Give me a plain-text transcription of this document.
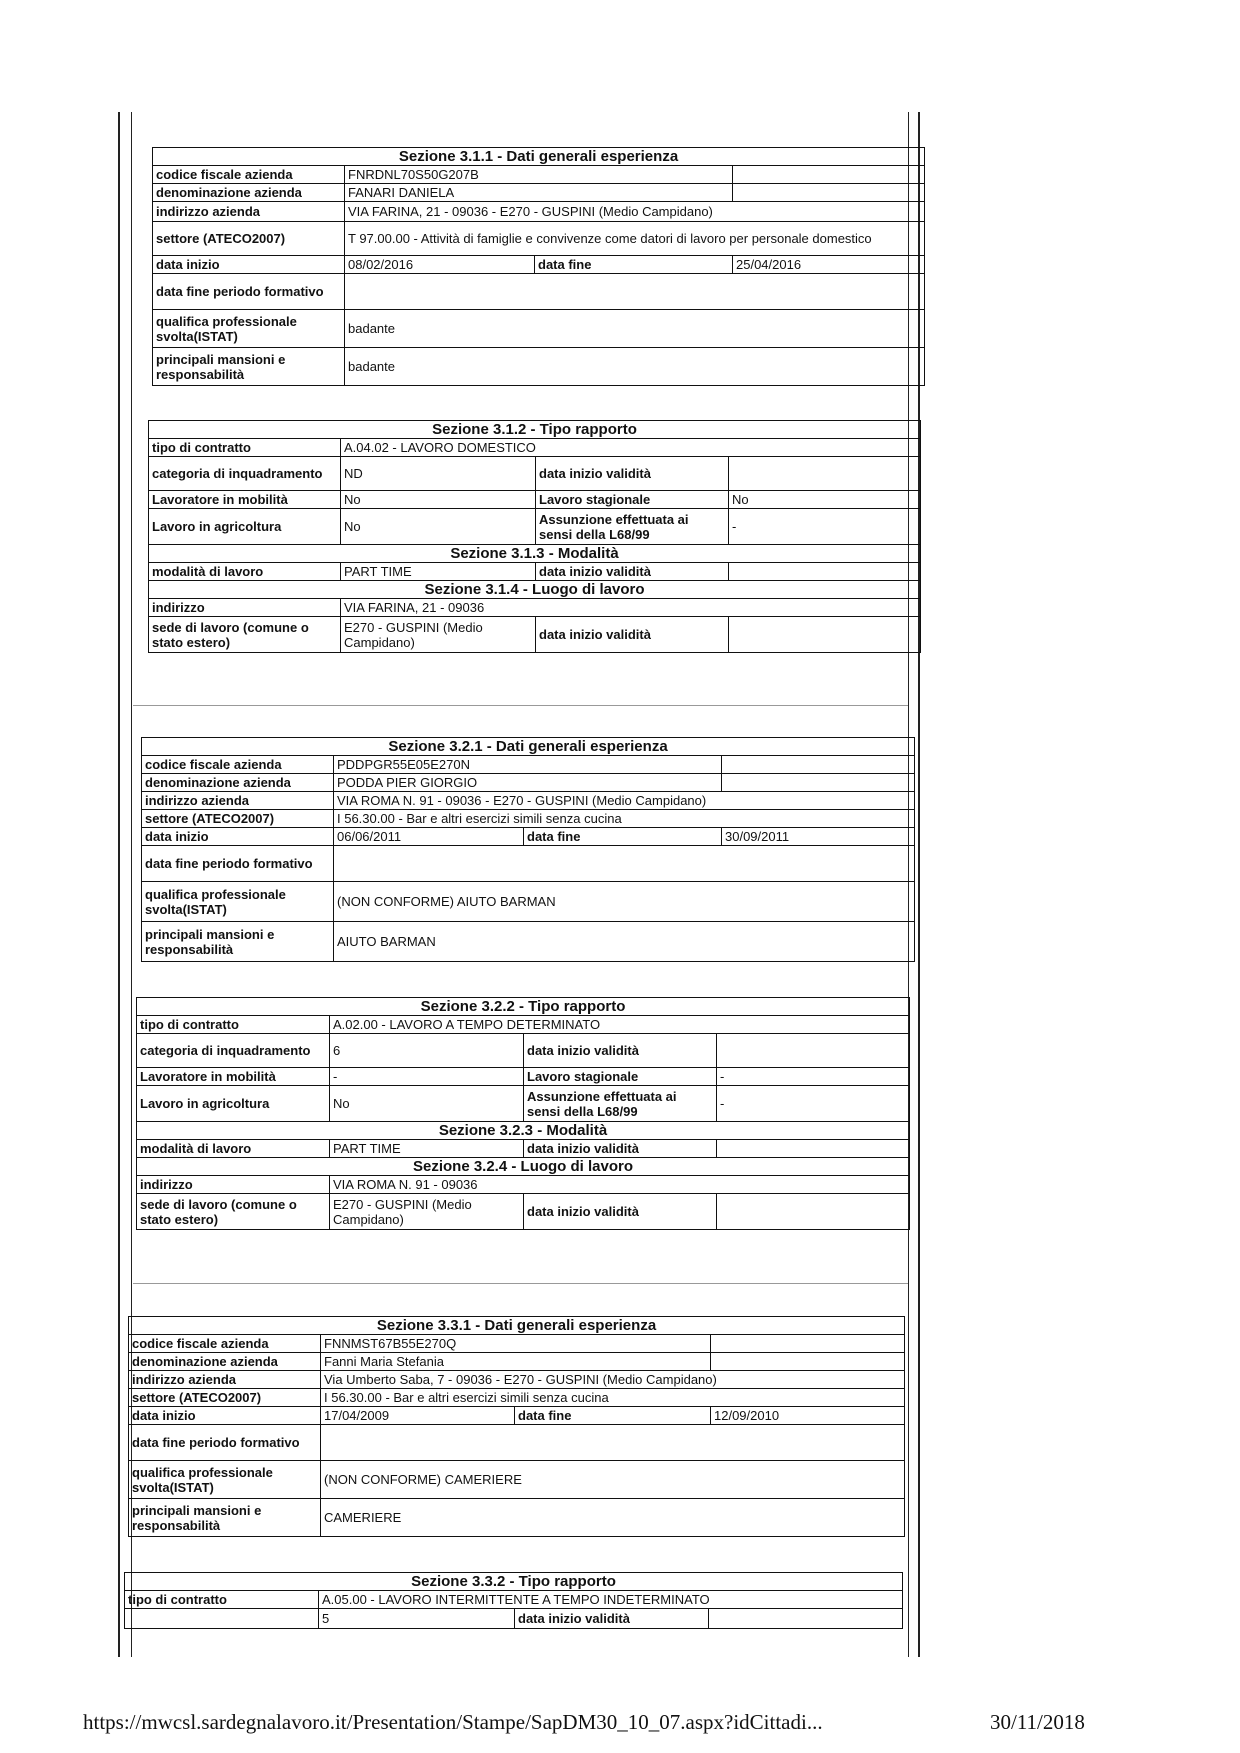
Sezione 3.1.1 - Dati generali esperienza			
codice fiscale azienda	FNRDNL70S50G207B		
denominazione azienda	FANARI DANIELA		
indirizzo azienda	VIA FARINA, 21 - 09036 - E270 - GUSPINI (Medio Campidano)		
settore (ATECO2007)	T 97.00.00 - Attività di famiglie e convivenze come datori di lavoro per personale domestico		
data inizio	08/02/2016	data fine	25/04/2016
data fine periodo formativo			
qualifica professionale svolta(ISTAT)	badante		
principali mansioni e responsabilità	badante		
Sezione 3.1.2 - Tipo rapporto			
tipo di contratto	A.04.02 - LAVORO DOMESTICO		
categoria di inquadramento	ND	data inizio validità	
Lavoratore in mobilità	No	Lavoro stagionale	No
Lavoro in agricoltura	No	Assunzione effettuata ai sensi della L68/99	-
Sezione 3.1.3 - Modalità			
modalità di lavoro	PART TIME	data inizio validità	
Sezione 3.1.4 - Luogo di lavoro			
indirizzo	VIA FARINA, 21 - 09036		
sede di lavoro (comune o stato estero)	E270 - GUSPINI (Medio Campidano)	data inizio validità	
Sezione 3.2.1 - Dati generali esperienza			
codice fiscale azienda	PDDPGR55E05E270N		
denominazione azienda	PODDA PIER GIORGIO		
indirizzo azienda	VIA ROMA N. 91 - 09036 - E270 - GUSPINI (Medio Campidano)		
settore (ATECO2007)	I 56.30.00 - Bar e altri esercizi simili senza cucina		
data inizio	06/06/2011	data fine	30/09/2011
data fine periodo formativo			
qualifica professionale svolta(ISTAT)	(NON CONFORME) AIUTO BARMAN		
principali mansioni e responsabilità	AIUTO BARMAN		
Sezione 3.2.2 - Tipo rapporto			
tipo di contratto	A.02.00 - LAVORO A TEMPO DETERMINATO		
categoria di inquadramento	6	data inizio validità	
Lavoratore in mobilità	-	Lavoro stagionale	-
Lavoro in agricoltura	No	Assunzione effettuata ai sensi della L68/99	-
Sezione 3.2.3 - Modalità			
modalità di lavoro	PART TIME	data inizio validità	
Sezione 3.2.4 - Luogo di lavoro			
indirizzo	VIA ROMA N. 91 - 09036		
sede di lavoro (comune o stato estero)	E270 - GUSPINI (Medio Campidano)	data inizio validità	
Sezione 3.3.1 - Dati generali esperienza			
codice fiscale azienda	FNNMST67B55E270Q		
denominazione azienda	Fanni Maria Stefania		
indirizzo azienda	Via Umberto Saba, 7 - 09036 - E270 - GUSPINI (Medio Campidano)		
settore (ATECO2007)	I 56.30.00 - Bar e altri esercizi simili senza cucina		
data inizio	17/04/2009	data fine	12/09/2010
data fine periodo formativo			
qualifica professionale svolta(ISTAT)	(NON CONFORME) CAMERIERE		
principali mansioni e responsabilità	CAMERIERE		
Sezione 3.3.2 - Tipo rapporto			
tipo di contratto	A.05.00 - LAVORO INTERMITTENTE A TEMPO INDETERMINATO		
	5	data inizio validità	
https://mwcsl.sardegnalavoro.it/Presentation/Stampe/SapDM30_10_07.aspx?idCittadi...	30/11/2018
